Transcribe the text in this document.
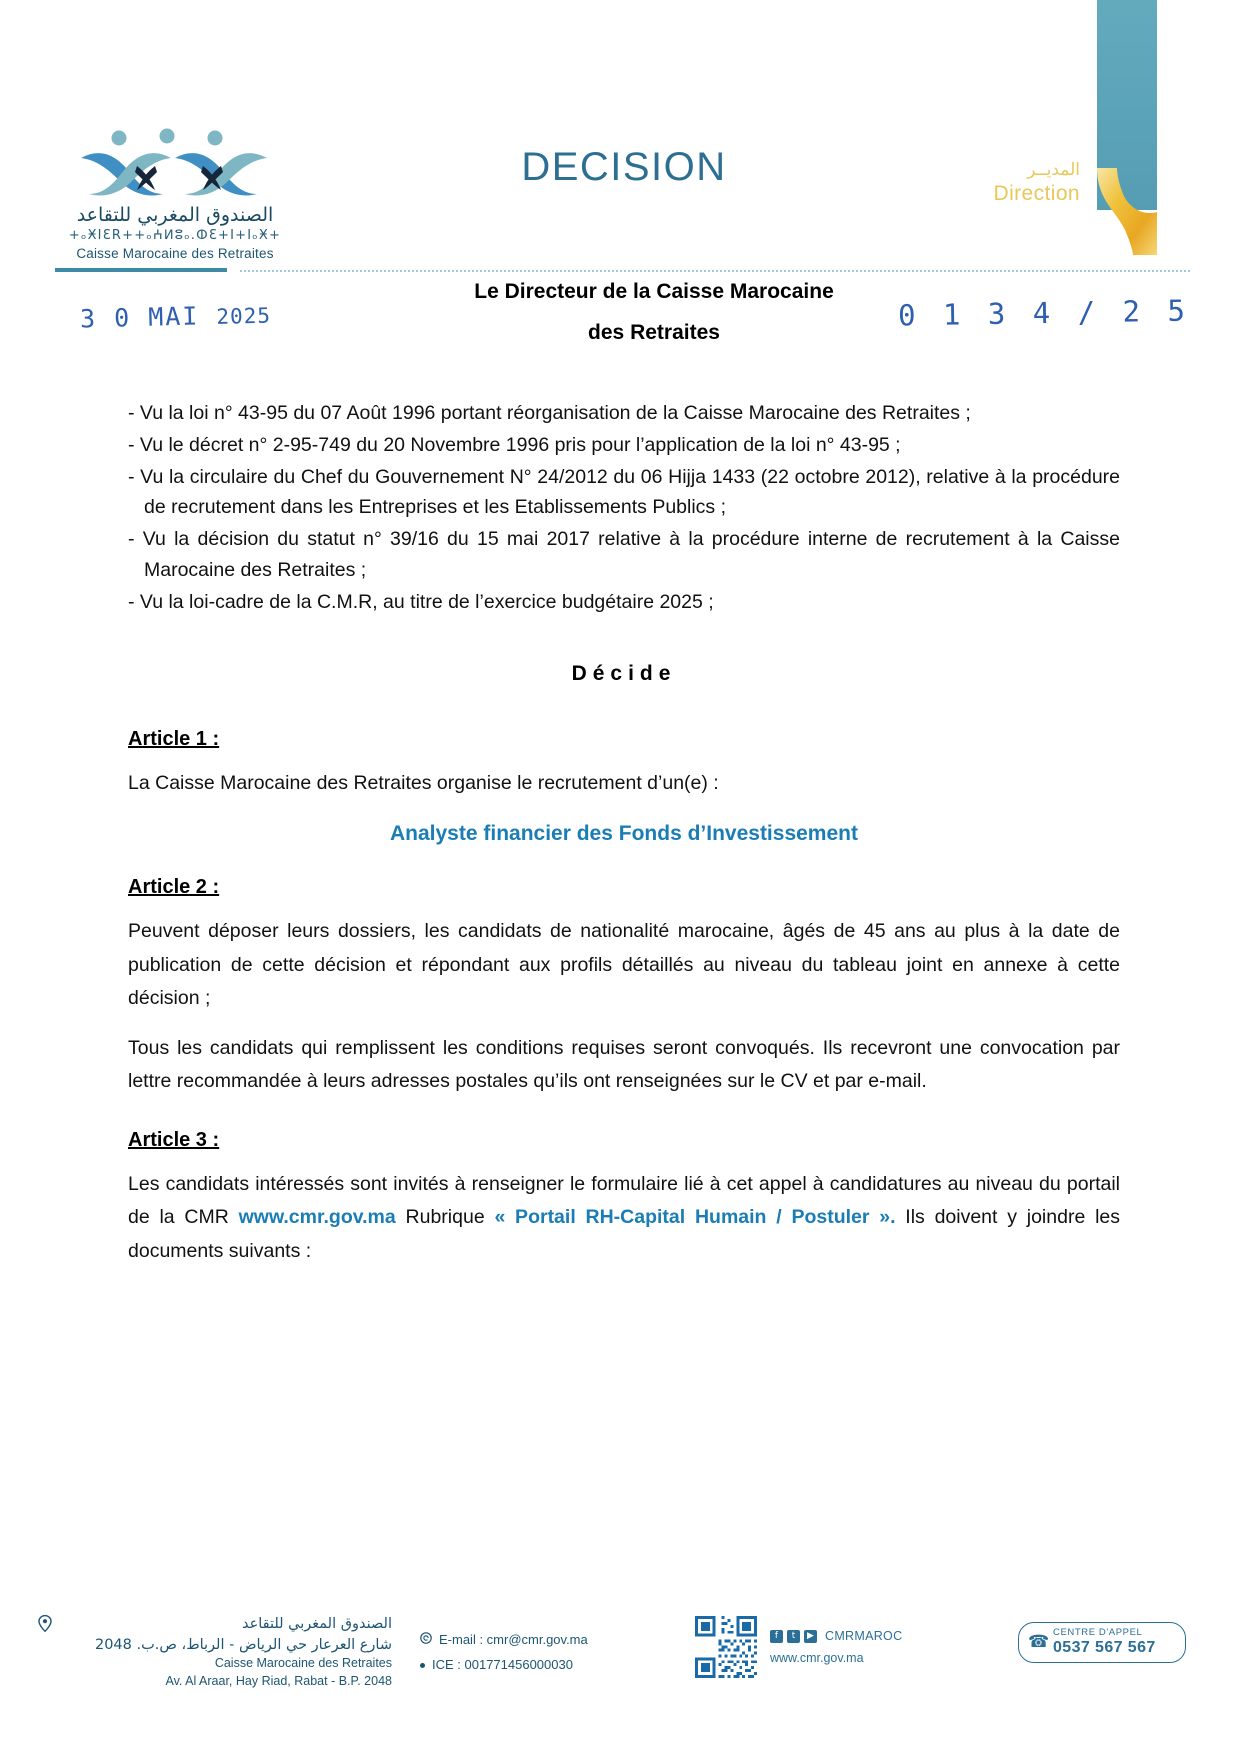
الصندوق المغربي للتقاعد
+ₒӾIƐR++ₒⵄⵍⵓₒ.ⵀƐ+I+IₒӾ+
Caisse Marocaine des Retraites
DECISION	المديــر
Direction
Le Directeur de la Caisse Marocaine
des Retraites
3 0 MAI 2025	0 1 3 4 / 2 5
- Vu la loi n° 43-95 du 07 Août 1996 portant réorganisation de la Caisse Marocaine des Retraites ;
- Vu le décret n° 2-95-749 du 20 Novembre 1996 pris pour l’application de la loi n° 43-95 ;
- Vu la circulaire du Chef du Gouvernement N° 24/2012 du 06 Hijja 1433 (22 octobre 2012), relative à la procédure de recrutement dans les Entreprises et les Etablissements Publics ;
- Vu la décision du statut n° 39/16 du 15 mai 2017 relative à la procédure interne de recrutement à la Caisse Marocaine des Retraites ;
- Vu la loi-cadre de la C.M.R, au titre de l’exercice budgétaire 2025 ;
Décide
Article 1 :

La Caisse Marocaine des Retraites organise le recrutement d’un(e) :

Analyste financier des Fonds d’Investissement
Article 2 :

Peuvent déposer leurs dossiers, les candidats de nationalité marocaine, âgés de 45 ans au plus à la date de publication de cette décision et répondant aux profils détaillés au niveau du tableau joint en annexe à cette décision ;

Tous les candidats qui remplissent les conditions requises seront convoqués. Ils recevront une convocation par lettre recommandée à leurs adresses postales qu’ils ont renseignées sur le CV et par e-mail.

Article 3 :

Les candidats intéressés sont invités à renseigner le formulaire lié à cet appel à candidatures au niveau du portail de la CMR www.cmr.gov.ma Rubrique « Portail RH-Capital Humain / Postuler ». Ils doivent y joindre les documents suivants :

الصندوق المغربي للتقاعد
شارع العرعار حي الرياض - الرباط، ص.ب. 2048
Caisse Marocaine des Retraites
Av. Al Araar, Hay Riad, Rabat - B.P. 2048
E-mail : cmr@cmr.gov.ma
ICE : 001771456000030
f	t	▶ CMRMAROC
www.cmr.gov.ma
☎ CENTRE D'APPEL
0537 567 567
